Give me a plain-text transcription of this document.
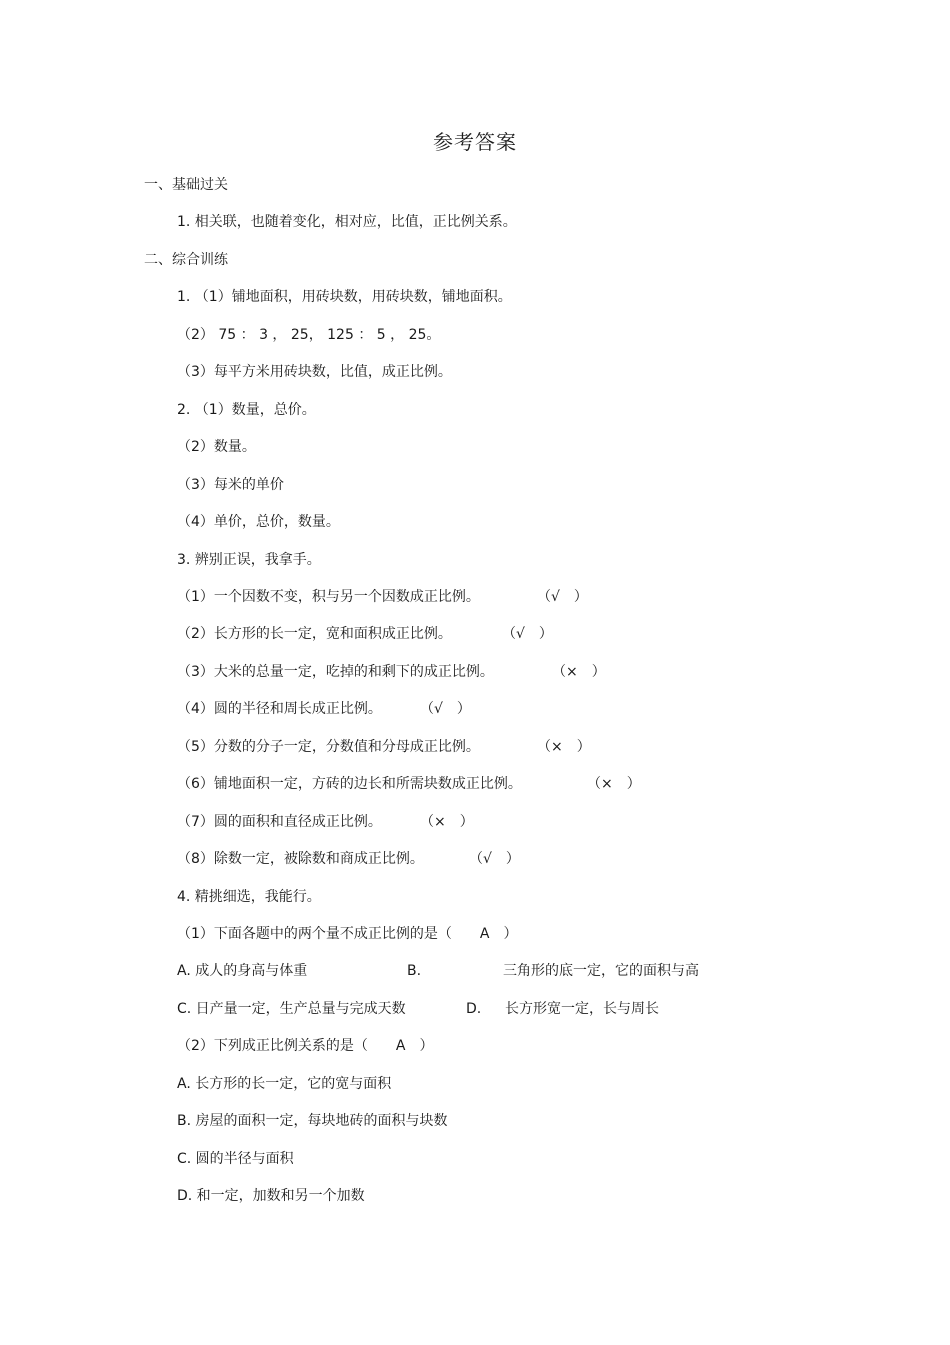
参考答案
一、基础过关
1. 相关联，也随着变化，相对应，比值，正比例关系。
二、综合训练
1. （1）铺地面积，用砖块数，用砖块数，铺地面积。
（2） 75 ： 3 ， 25， 125 ： 5 ， 25。
（3）每平方米用砖块数，比值，成正比例。
2. （1）数量，总价。
（2）数量。
（3）每米的单价
（4）单价，总价，数量。
3. 辨别正误，我拿手。
（1）一个因数不变，积与另一个因数成正比例。	（√　）
（2）长方形的长一定，宽和面积成正比例。	（√　）
（3）大米的总量一定，吃掉的和剩下的成正比例。	（×　）
（4）圆的半径和周长成正比例。	（√　）
（5）分数的分子一定，分数值和分母成正比例。	（×　）
（6）铺地面积一定，方砖的边长和所需块数成正比例。	（×　）
（7）圆的面积和直径成正比例。	（×　）
（8）除数一定，被除数和商成正比例。	（√　）
4. 精挑细选，我能行。
（1）下面各题中的两个量不成正比例的是（　　A　）
A. 成人的身高与体重	B.	三角形的底一定，它的面积与高
C. 日产量一定，生产总量与完成天数	D. 长方形宽一定，长与周长
（2）下列成正比例关系的是（　　A　）
A. 长方形的长一定，它的宽与面积
B. 房屋的面积一定，每块地砖的面积与块数
C. 圆的半径与面积
D. 和一定，加数和另一个加数
